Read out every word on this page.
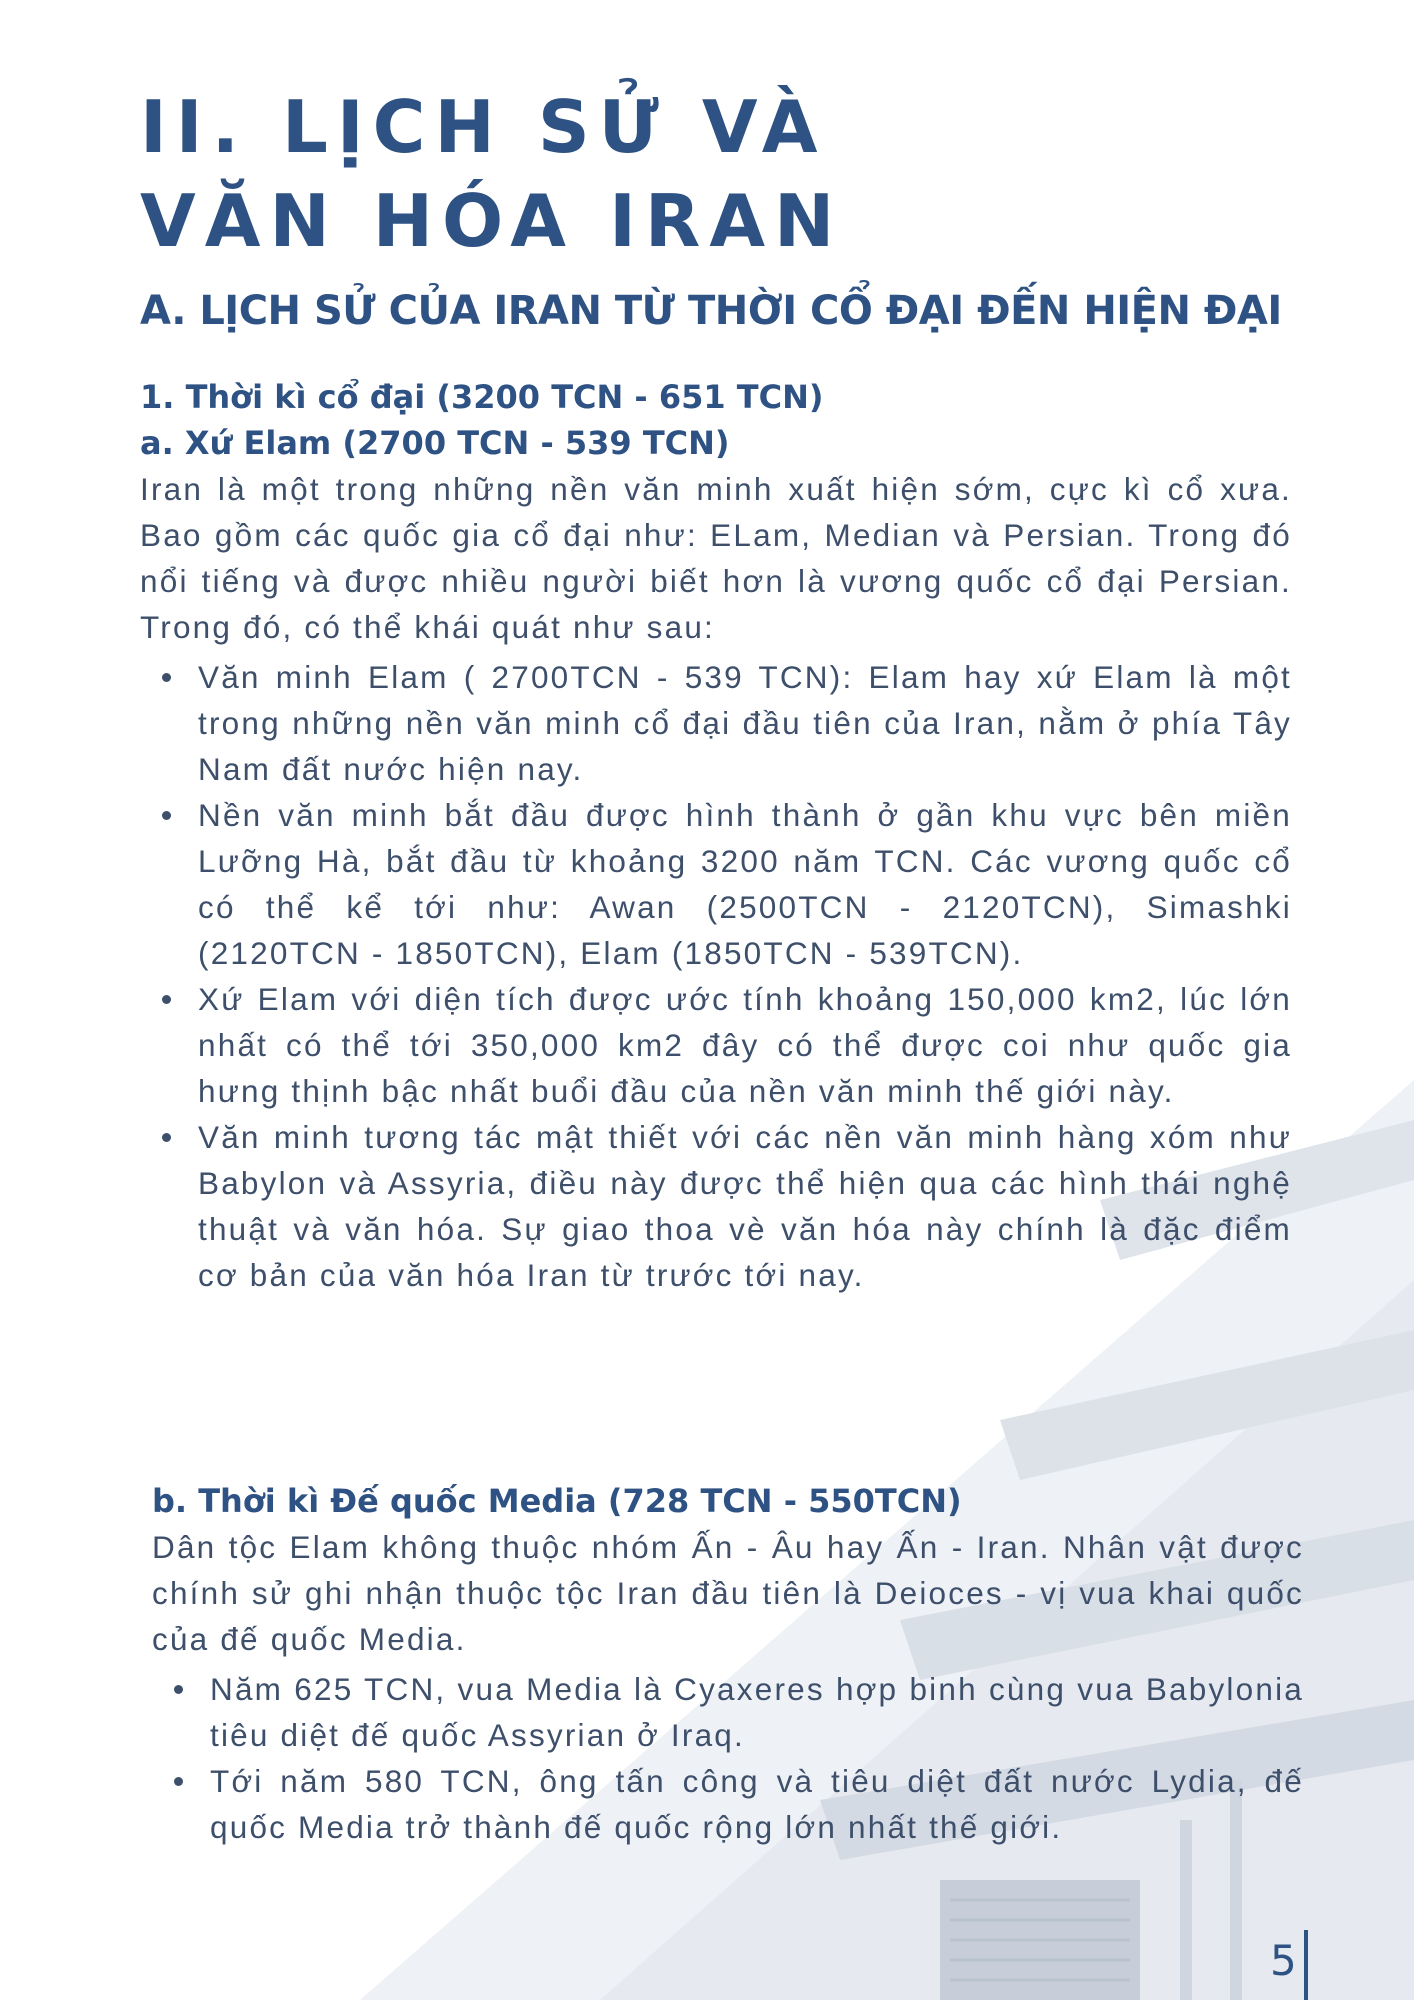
II. LỊCH SỬ VÀ
VĂN HÓA IRAN
A. LỊCH SỬ CỦA IRAN TỪ THỜI CỔ ĐẠI ĐẾN HIỆN ĐẠI
1. Thời kì cổ đại (3200 TCN - 651 TCN)
a. Xứ Elam (2700 TCN - 539 TCN)

Iran là một trong những nền văn minh xuất hiện sớm, cực kì cổ xưa. Bao gồm các quốc gia cổ đại như: ELam, Median và Persian. Trong đó nổi tiếng và được nhiều người biết hơn là vương quốc cổ đại Persian. Trong đó, có thể khái quát như sau:

Văn minh Elam ( 2700TCN - 539 TCN): Elam hay xứ Elam là một trong những nền văn minh cổ đại đầu tiên của Iran, nằm ở phía Tây Nam đất nước hiện nay.
Nền văn minh bắt đầu được hình thành ở gần khu vực bên miền Lưỡng Hà, bắt đầu từ khoảng 3200 năm TCN. Các vương quốc cổ có thể kể tới như: Awan (2500TCN - 2120TCN), Simashki (2120TCN - 1850TCN), Elam (1850TCN - 539TCN).
Xứ Elam với diện tích được ước tính khoảng 150,000 km2, lúc lớn nhất có thể tới 350,000 km2 đây có thể được coi như quốc gia hưng thịnh bậc nhất buổi đầu của nền văn minh thế giới này.
Văn minh tương tác mật thiết với các nền văn minh hàng xóm như Babylon và Assyria, điều này được thể hiện qua các hình thái nghệ thuật và văn hóa. Sự giao thoa vè văn hóa này chính là đặc điểm cơ bản của văn hóa Iran từ trước tới nay.
b. Thời kì Đế quốc Media (728 TCN - 550TCN)

Dân tộc Elam không thuộc nhóm Ấn - Âu hay Ấn - Iran. Nhân vật được chính sử ghi nhận thuộc tộc Iran đầu tiên là Deioces - vị vua khai quốc của đế quốc Media.

Năm 625 TCN, vua Media là Cyaxeres hợp binh cùng vua Babylonia tiêu diệt đế quốc Assyrian ở Iraq.
Tới năm 580 TCN, ông tấn công và tiêu diệt đất nước Lydia, đế quốc Media trở thành đế quốc rộng lớn nhất thế giới.
5
